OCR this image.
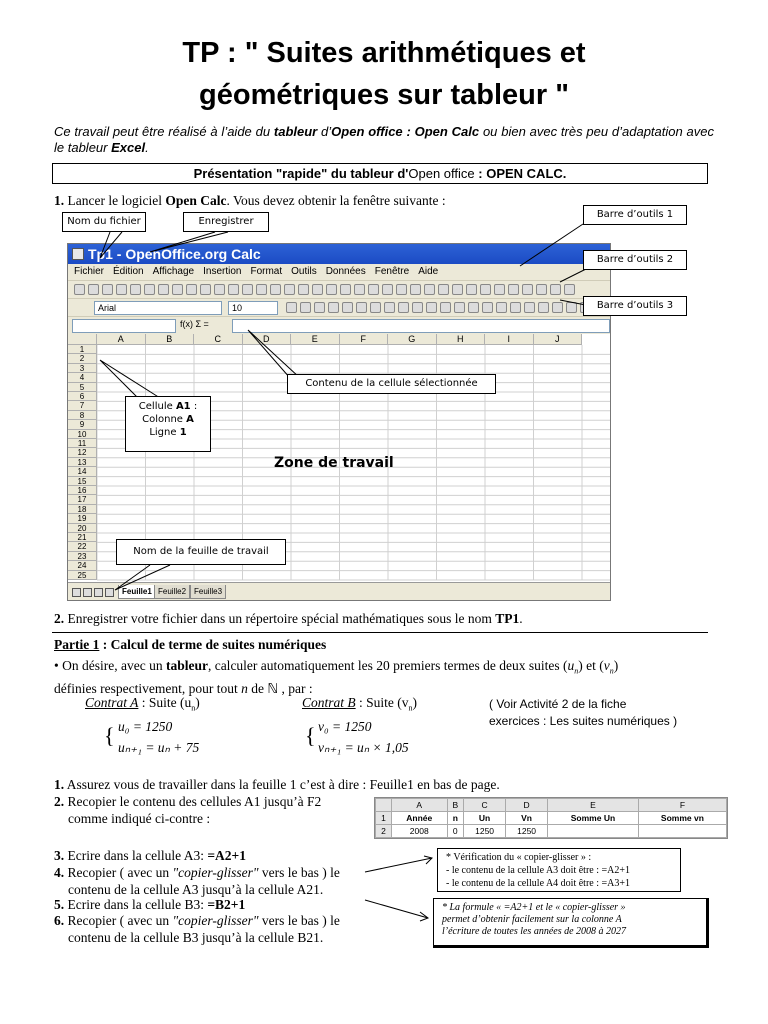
TP : " Suites arithmétiques et
géométriques sur tableur "
Ce travail peut être réalisé à l’aide du tableur d’Open office : Open Calc ou bien avec très peu d’adaptation avec le tableur Excel.
Présentation "rapide" du tableur d'Open office : OPEN CALC.
1. Lancer le logiciel Open Calc. Vous devez obtenir la fenêtre suivante :
Tp1 - OpenOffice.org Calc
Fichier Édition Affichage Insertion Format Outils Données Fenêtre Aide
Arial	10
f(x) Σ =
A	B	C	D	E	F	G	H	I	J
1
2
3
4
5
6
7
8
9
10
11
12
13
14
15
16
17
18
19
20
21
22
23
24
25
Feuille1 Feuille2 Feuille3
Nom du fichier	Enregistrer
Barre d’outils 1
Barre d’outils 2
Barre d’outils 3
Contenu de la cellule sélectionnée
Cellule A1 :
Colonne A
Ligne 1
Zone de travail
Nom de la feuille de travail
2. Enregistrer votre fichier dans un répertoire spécial mathématiques sous le nom TP1.
Partie 1 : Calcul de terme de suites numériques
• On désire, avec un tableur, calculer automatiquement les 20 premiers termes de deux suites $(u_n)$ et $(v_n)$
définies respectivement, pour tout n de ℕ , par :
Contrat A : Suite $(u_n)$
{ u₀ = 1250
uₙ₊₁ = uₙ + 75
Contrat B : Suite $(v_n)$
{ v₀ = 1250
vₙ₊₁ = uₙ × 1,05
( Voir Activité 2 de la fiche
exercices : Les suites numériques )
1. Assurez vous de travailler dans la feuille 1 c’est à dire : Feuille1 en bas de page.
2. Recopier le contenu des cellules A1 jusqu’à F2
comme indiqué ci-contre :
3. Ecrire dans la cellule A3: =A2+1
4. Recopier ( avec un "copier-glisser" vers le bas ) le
contenu de la cellule A3 jusqu’à la cellule A21.
5. Ecrire dans la cellule B3: =B2+1
6. Recopier ( avec un "copier-glisser" vers le bas ) le
contenu de la cellule B3 jusqu’à la cellule B21.
	A	B	C	D	E	F
1	Année	n	Un	Vn	Somme Un	Somme vn
2	2008	0	1250	1250		
* Vérification du « copier-glisser » :
- le contenu de la cellule A3 doit être : =A2+1
- le contenu de la cellule A4 doit être : =A3+1
* La formule « =A2+1 et le « copier-glisser »
permet d’obtenir facilement sur la colonne A
l’écriture de toutes les années de 2008 à 2027
